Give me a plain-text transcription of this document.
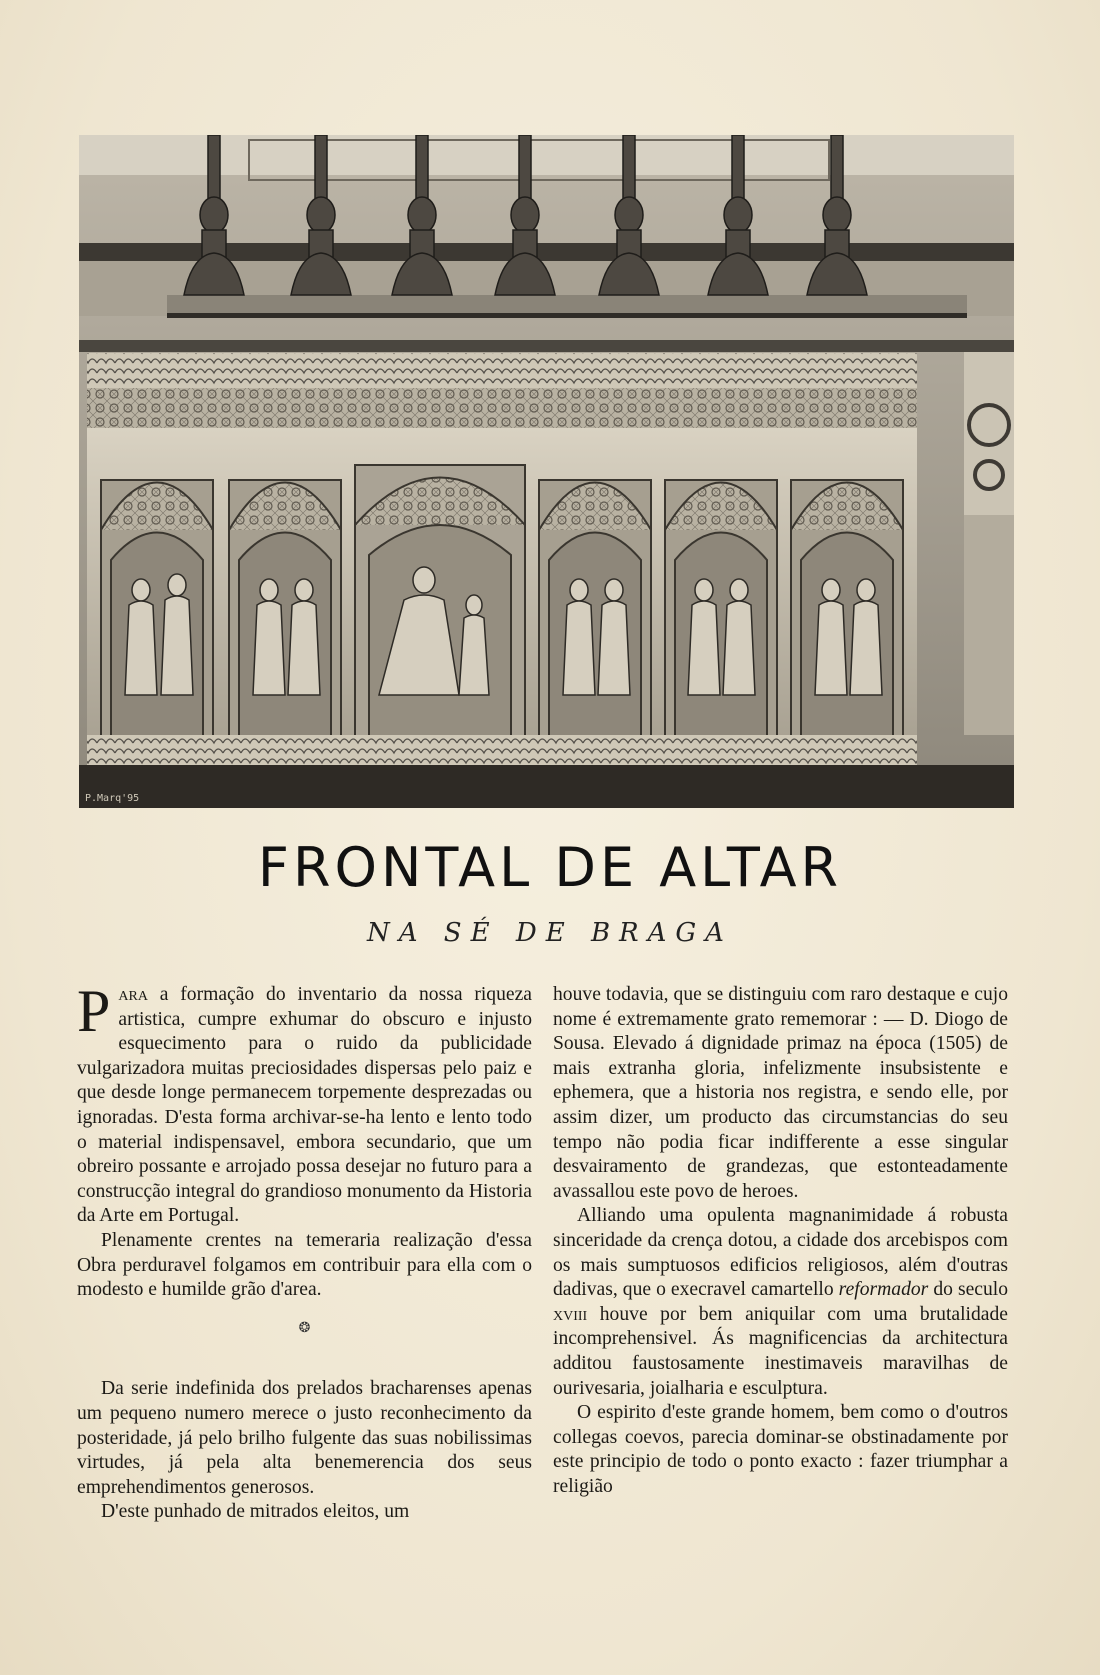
P.Marq'95
FRONTAL DE ALTAR
NA SÉ DE BRAGA

Para a formação do inventario da nossa riqueza artistica, cumpre exhumar do obscuro e injusto esquecimento para o ruido da publicidade vulgarizadora muitas preciosidades dispersas pelo paiz e que desde longe permanecem torpemente desprezadas ou ignoradas. D'esta forma archivar-se-ha lento e lento todo o material indispensavel, embora secundario, que um obreiro possante e arrojado possa desejar no futuro para a construcção integral do grandioso monumento da Historia da Arte em Portugal.

Plenamente crentes na temeraria realização d'essa Obra perduravel folgamos em contribuir para ella com o modesto e humilde grão d'area.

❂

Da serie indefinida dos prelados bracharenses apenas um pequeno numero merece o justo reconhecimento da posteridade, já pelo brilho fulgente das suas nobilissimas virtudes, já pela alta benemerencia dos seus emprehendimentos generosos.

D'este punhado de mitrados eleitos, um

houve todavia, que se distinguiu com raro destaque e cujo nome é extremamente grato rememorar : — D. Diogo de Sousa. Elevado á dignidade primaz na época (1505) de mais extranha gloria, infelizmente insubsistente e ephemera, que a historia nos registra, e sendo elle, por assim dizer, um producto das circumstancias do seu tempo não podia ficar indifferente a esse singular desvairamento de grandezas, que estonteadamente avassallou este povo de heroes.

Alliando uma opulenta magnanimidade á robusta sinceridade da crença dotou, a cidade dos arcebispos com os mais sumptuosos edificios religiosos, além d'outras dadivas, que o execravel camartello reformador do seculo xviii houve por bem aniquilar com uma brutalidade incomprehensivel. Ás magnificencias da architectura additou faustosamente inestimaveis maravilhas de ourivesaria, joialharia e esculptura.

O espirito d'este grande homem, bem como o d'outros collegas coevos, parecia dominar-se obstinadamente por este principio de todo o ponto exacto : fazer triumphar a religião
